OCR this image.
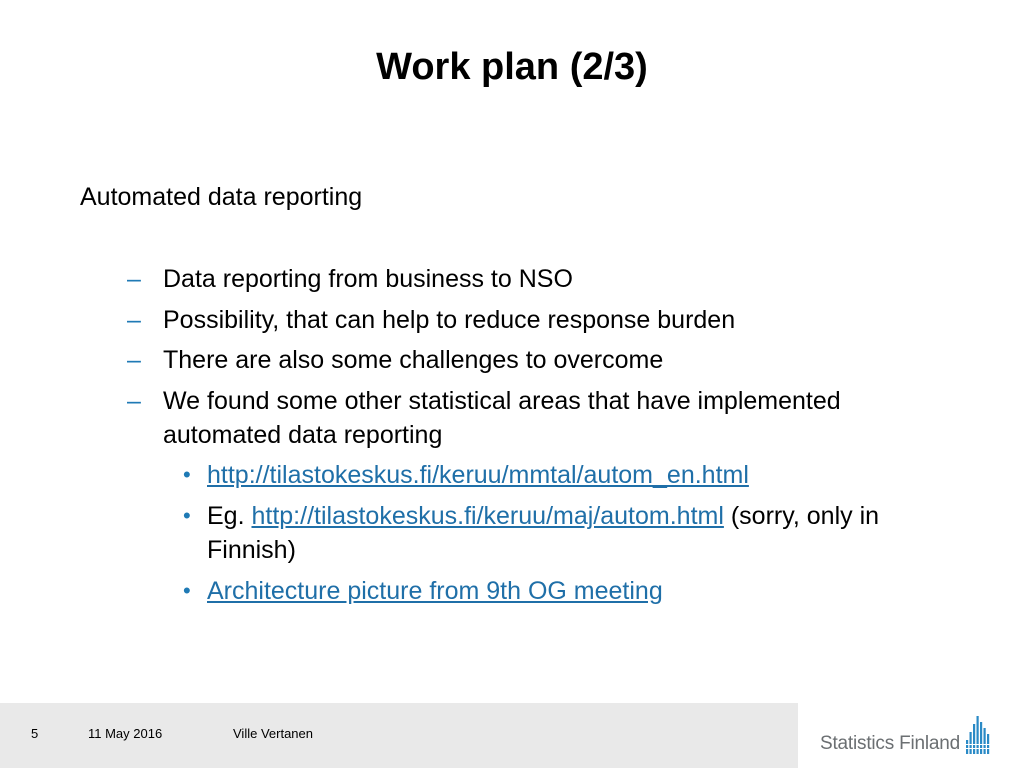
Work plan (2/3)

Automated data reporting

– Data reporting from business to NSO
– Possibility, that can help to reduce response burden
– There are also some challenges to overcome
– We found some other statistical areas that have implemented automated data reporting
• http://tilastokeskus.fi/keruu/mmtal/autom_en.html
• Eg. http://tilastokeskus.fi/keruu/maj/autom.html (sorry, only in Finnish)
• Architecture picture from 9th OG meeting
5	11 May 2016	Ville Vertanen	Statistics Finland
